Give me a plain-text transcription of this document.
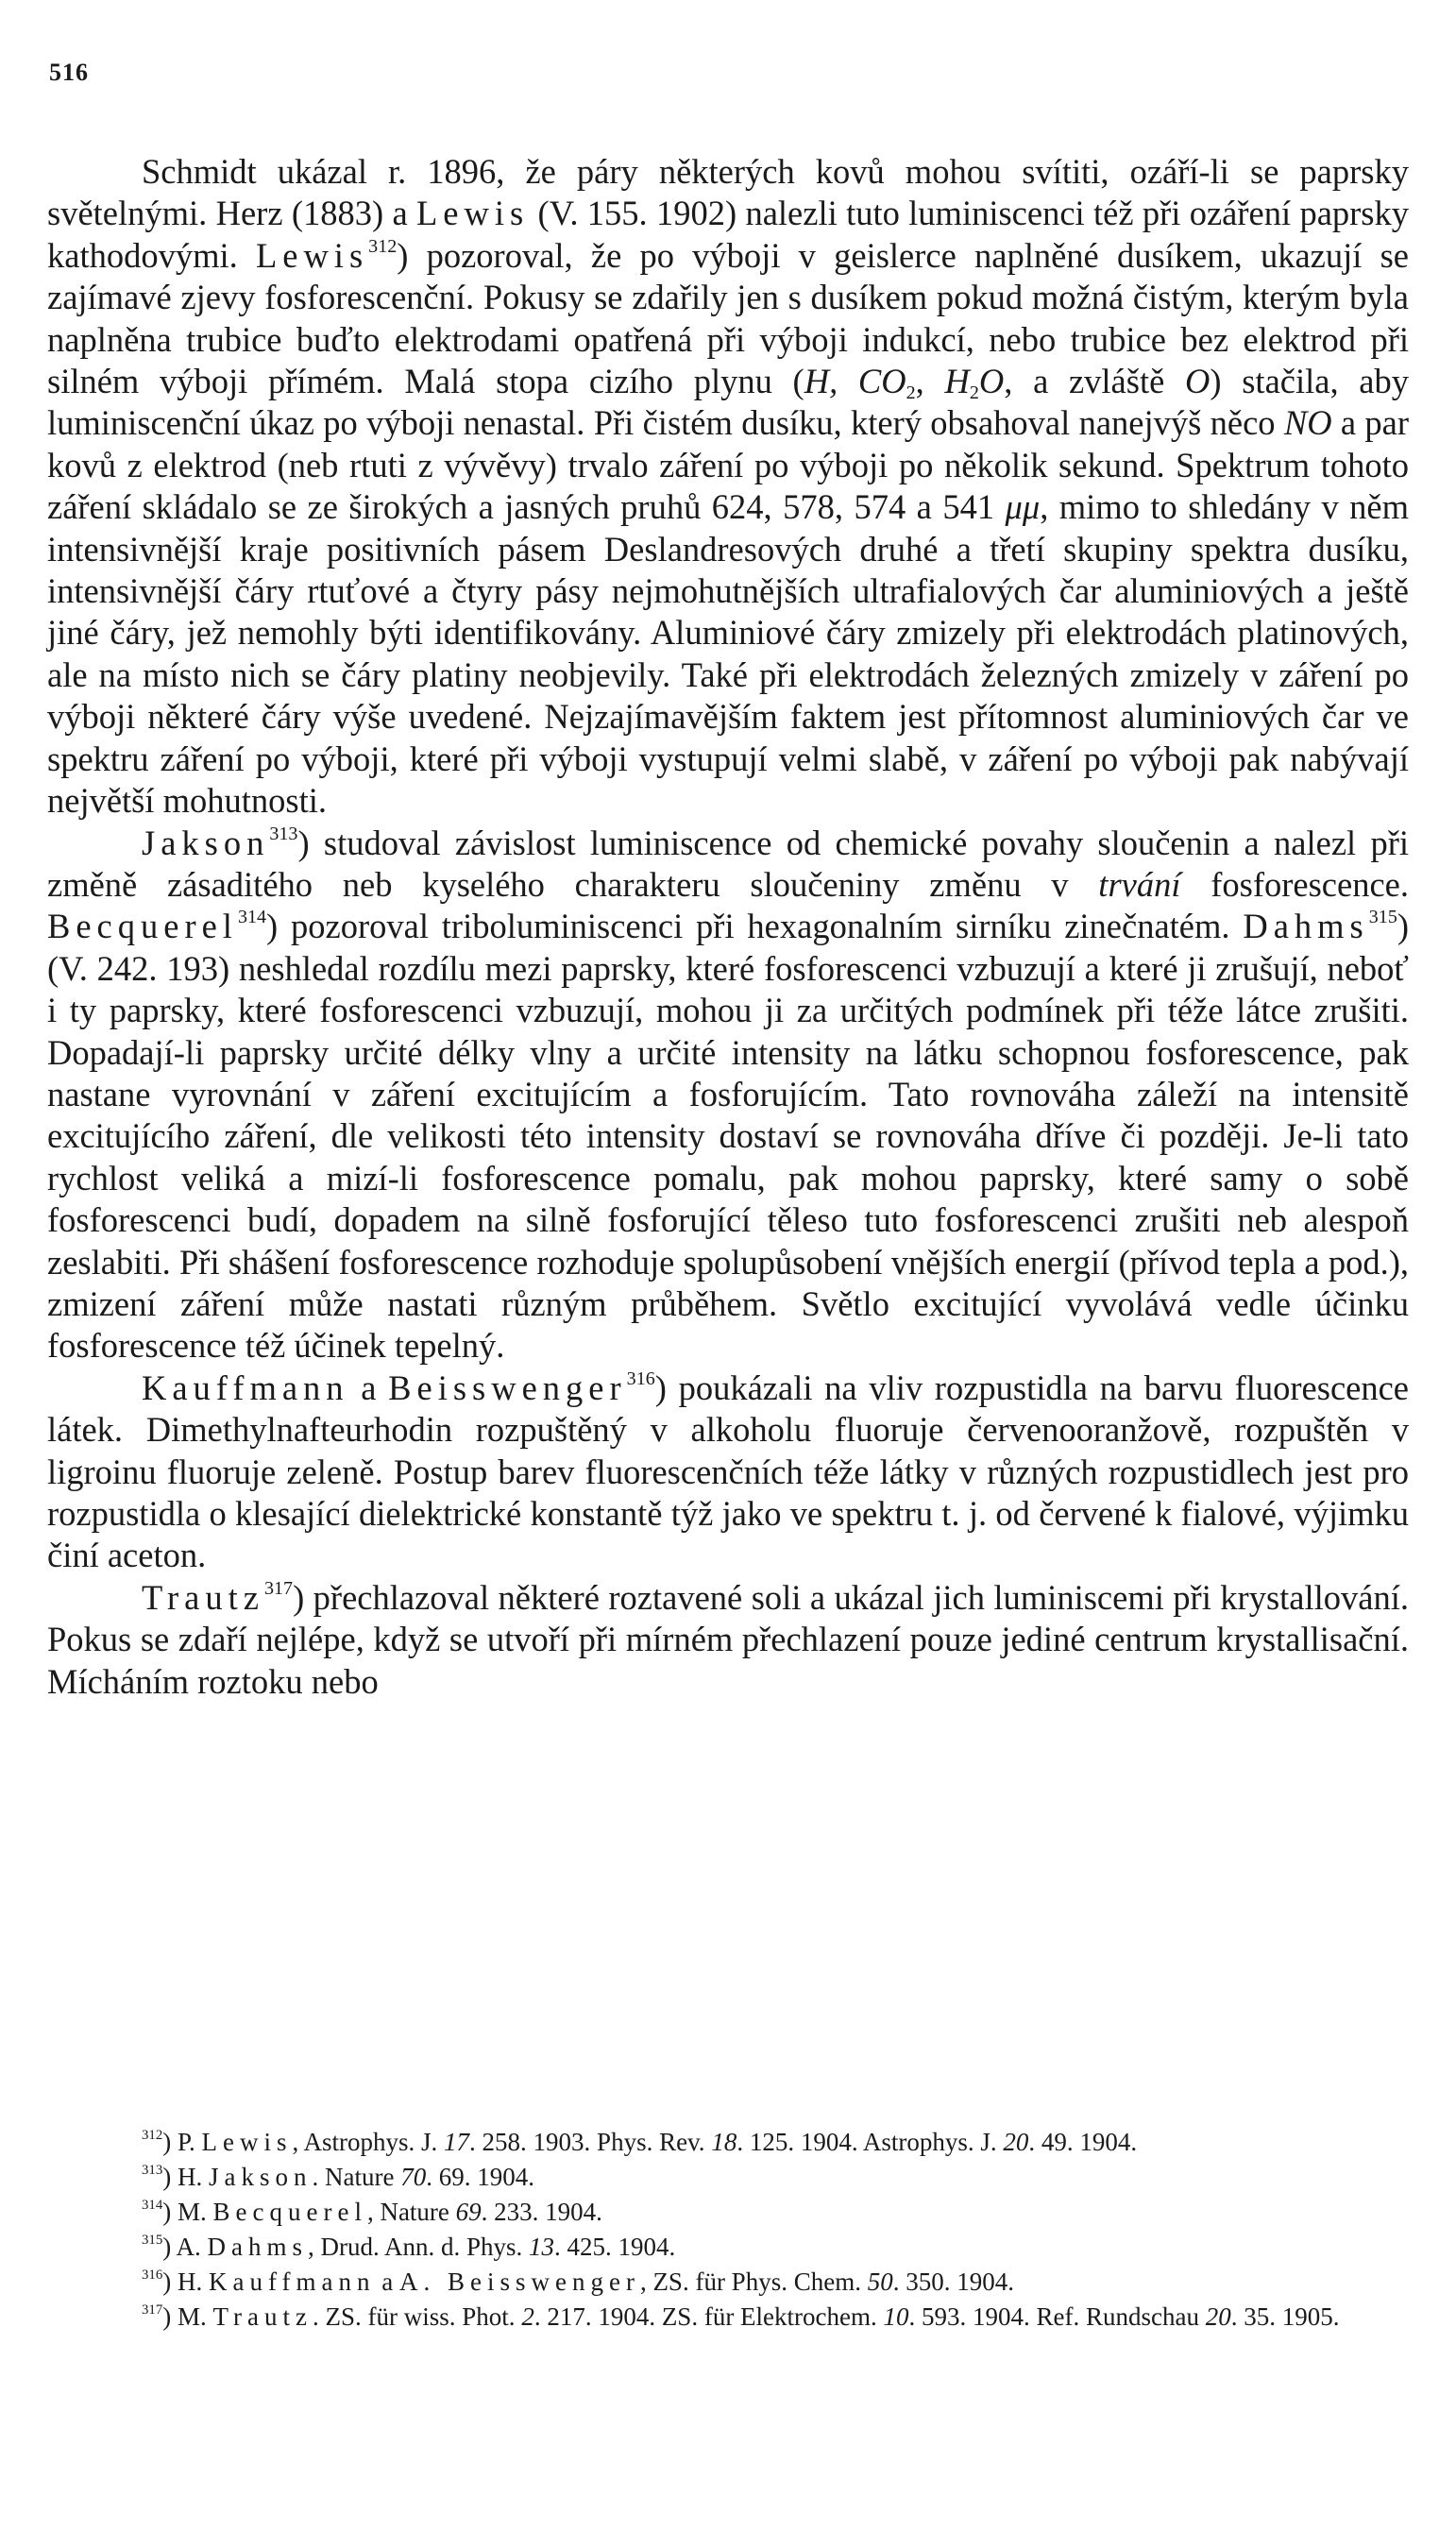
516

Schmidt ukázal r. 1896, že páry některých kovů mohou svítiti, ozáří-li se paprsky světelnými. Herz (1883) a Lewis (V. 155. 1902) nalezli tuto luminiscenci též při ozáření paprsky kathodovými. Lewis$^{312}$) pozoroval, že po výboji v geislerce naplněné dusíkem, ukazují se zajímavé zjevy fosforescenční. Pokusy se zdařily jen s dusíkem pokud možná čistým, kterým byla naplněna trubice buďto elektrodami opatřená při výboji indukcí, nebo trubice bez elektrod při silném výboji přímém. Malá stopa cizího plynu (H, $CO_2$, $H_2O$, a zvláště O) stačila, aby luminiscenční úkaz po výboji nenastal. Při čistém dusíku, který obsahoval nanejvýš něco NO a par kovů z elektrod (neb rtuti z vývěvy) trvalo záření po výboji po několik sekund. Spektrum tohoto záření skládalo se ze širokých a jasných pruhů 624, 578, 574 a 541 μμ, mimo to shledány v něm intensivnější kraje positivních pásem Deslandresových druhé a třetí skupiny spektra dusíku, intensivnější čáry rtuťové a čtyry pásy nejmohutnějších ultrafialových čar aluminiových a ještě jiné čáry, jež nemohly býti identifikovány. Aluminiové čáry zmizely při elektrodách platinových, ale na místo nich se čáry platiny neobjevily. Také při elektrodách železných zmizely v záření po výboji některé čáry výše uvedené. Nejzajímavějším faktem jest přítomnost aluminiových čar ve spektru záření po výboji, které při výboji vystupují velmi slabě, v záření po výboji pak nabývají největší mohutnosti.

Jakson$^{313}$) studoval závislost luminiscence od chemické povahy sloučenin a nalezl při změně zásaditého neb kyselého charakteru sloučeniny změnu v trvání fosforescence. Becquerel$^{314}$) pozoroval triboluminiscenci při hexagonalním sirníku zinečnatém. Dahms$^{315}$) (V. 242. 193) neshledal rozdílu mezi paprsky, které fosforescenci vzbuzují a které ji zrušují, neboť i ty paprsky, které fosforescenci vzbuzují, mohou ji za určitých podmínek při téže látce zrušiti. Dopadají-li paprsky určité délky vlny a určité intensity na látku schopnou fosforescence, pak nastane vyrovnání v záření excitujícím a fosforujícím. Tato rovnováha záleží na intensitě excitujícího záření, dle velikosti této intensity dostaví se rovnováha dříve či později. Je-li tato rychlost veliká a mizí-li fosforescence pomalu, pak mohou paprsky, které samy o sobě fosforescenci budí, dopadem na silně fosforující těleso tuto fosforescenci zrušiti neb alespoň zeslabiti. Při shášení fosforescence rozhoduje spolupůsobení vnějších energií (přívod tepla a pod.), zmizení záření může nastati různým průběhem. Světlo excitující vyvolává vedle účinku fosforescence též účinek tepelný.

Kauffmann a Beisswenger$^{316}$) poukázali na vliv rozpustidla na barvu fluorescence látek. Dimethylnafteurhodin rozpuštěný v alkoholu fluoruje červenooranžově, rozpuštěn v ligroinu fluoruje zeleně. Postup barev fluorescenčních téže látky v různých rozpustidlech jest pro rozpustidla o klesající dielektrické konstantě týž jako ve spektru t. j. od červené k fialové, výjimku činí aceton.

Trautz$^{317}$) přechlazoval některé roztavené soli a ukázal jich luminiscemi při krystallování. Pokus se zdaří nejlépe, když se utvoří při mírném přechlazení pouze jediné centrum krystallisační. Mícháním roztoku nebo

$^{312}$) P. Lewis, Astrophys. J. 17. 258. 1903. Phys. Rev. 18. 125. 1904. Astrophys. J. 20. 49. 1904.

$^{313}$) H. Jakson. Nature 70. 69. 1904.

$^{314}$) M. Becquerel, Nature 69. 233. 1904.

$^{315}$) A. Dahms, Drud. Ann. d. Phys. 13. 425. 1904.

$^{316}$) H. Kauffmann a A. Beisswenger, ZS. für Phys. Chem. 50. 350. 1904.

$^{317}$) M. Trautz. ZS. für wiss. Phot. 2. 217. 1904. ZS. für Elektrochem. 10. 593. 1904. Ref. Rundschau 20. 35. 1905.
